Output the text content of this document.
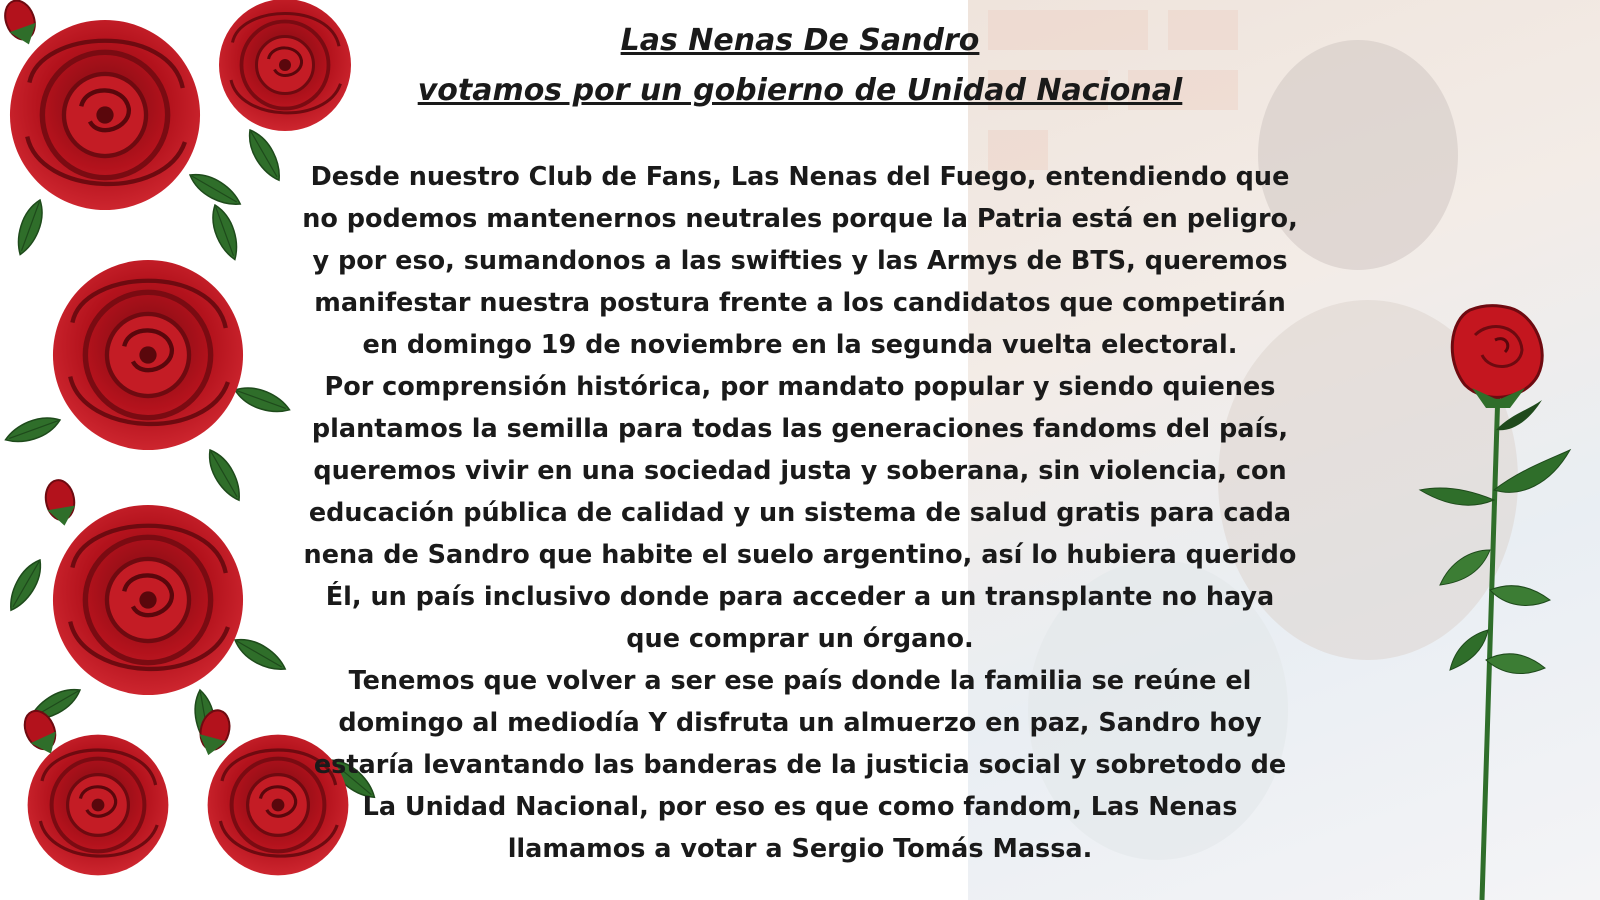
Las Nenas De Sandro
votamos por un gobierno de Unidad Nacional

Desde nuestro Club de Fans, Las Nenas del Fuego, entendiendo que no podemos mantenernos neutrales porque la Patria está en peligro, y por eso, sumandonos a las swifties y las Armys de BTS, queremos manifestar nuestra postura frente a los candidatos que competirán en domingo 19 de noviembre en la segunda vuelta electoral.

Por comprensión histórica, por mandato popular y siendo quienes plantamos la semilla para todas las generaciones fandoms del país, queremos vivir en una sociedad justa y soberana, sin violencia, con educación pública de calidad y un sistema de salud gratis para cada nena de Sandro que habite el suelo argentino, así lo hubiera querido Él, un país inclusivo donde para acceder a un transplante no haya que comprar un órgano.

Tenemos que volver a ser ese país donde la familia se reúne el domingo al mediodía Y disfruta un almuerzo en paz, Sandro hoy estaría levantando las banderas de la justicia social y sobretodo de La Unidad Nacional, por eso es que como fandom, Las Nenas llamamos a votar a Sergio Tomás Massa.
